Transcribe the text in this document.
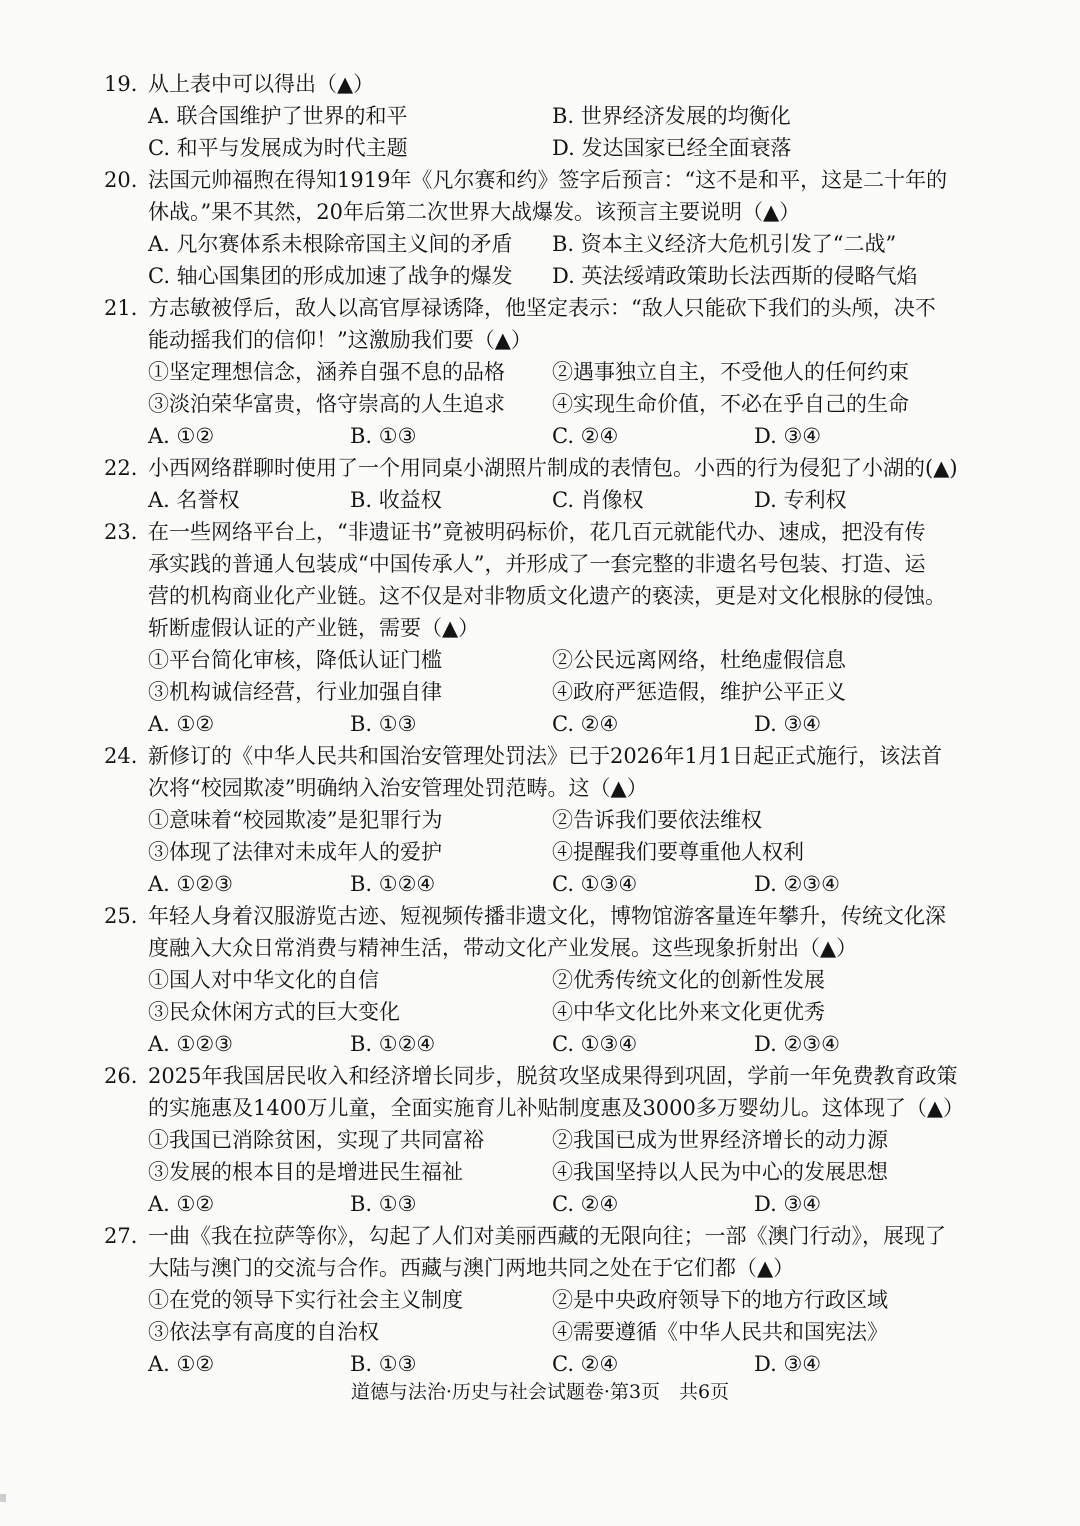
19. 从上表中可以得出（▲）
A. 联合国维护了世界的和平	B. 世界经济发展的均衡化
C. 和平与发展成为时代主题	D. 发达国家已经全面衰落
20. 法国元帅福煦在得知1919年《凡尔赛和约》签字后预言：“这不是和平，这是二十年的
休战。”果不其然，20年后第二次世界大战爆发。该预言主要说明（▲）
A. 凡尔赛体系未根除帝国主义间的矛盾	B. 资本主义经济大危机引发了“二战”
C. 轴心国集团的形成加速了战争的爆发	D. 英法绥靖政策助长法西斯的侵略气焰
21. 方志敏被俘后，敌人以高官厚禄诱降，他坚定表示：“敌人只能砍下我们的头颅，决不
能动摇我们的信仰！”这激励我们要（▲）
①坚定理想信念，涵养自强不息的品格	②遇事独立自主，不受他人的任何约束
③淡泊荣华富贵，恪守崇高的人生追求	④实现生命价值，不必在乎自己的生命
A. ①②	B. ①③	C. ②④	D. ③④
22. 小西网络群聊时使用了一个用同桌小湖照片制成的表情包。小西的行为侵犯了小湖的(▲)
A. 名誉权	B. 收益权	C. 肖像权	D. 专利权
23. 在一些网络平台上，“非遗证书”竟被明码标价，花几百元就能代办、速成，把没有传
承实践的普通人包装成“中国传承人”，并形成了一套完整的非遗名号包装、打造、运
营的机构商业化产业链。这不仅是对非物质文化遗产的亵渎，更是对文化根脉的侵蚀。
斩断虚假认证的产业链，需要（▲）
①平台简化审核，降低认证门槛	②公民远离网络，杜绝虚假信息
③机构诚信经营，行业加强自律	④政府严惩造假，维护公平正义
A. ①②	B. ①③	C. ②④	D. ③④
24. 新修订的《中华人民共和国治安管理处罚法》已于2026年1月1日起正式施行，该法首
次将“校园欺凌”明确纳入治安管理处罚范畴。这（▲）
①意味着“校园欺凌”是犯罪行为	②告诉我们要依法维权
③体现了法律对未成年人的爱护	④提醒我们要尊重他人权利
A. ①②③	B. ①②④	C. ①③④	D. ②③④
25. 年轻人身着汉服游览古迹、短视频传播非遗文化，博物馆游客量连年攀升，传统文化深
度融入大众日常消费与精神生活，带动文化产业发展。这些现象折射出（▲）
①国人对中华文化的自信	②优秀传统文化的创新性发展
③民众休闲方式的巨大变化	④中华文化比外来文化更优秀
A. ①②③	B. ①②④	C. ①③④	D. ②③④
26. 2025年我国居民收入和经济增长同步，脱贫攻坚成果得到巩固，学前一年免费教育政策
的实施惠及1400万儿童，全面实施育儿补贴制度惠及3000多万婴幼儿。这体现了（▲）
①我国已消除贫困，实现了共同富裕	②我国已成为世界经济增长的动力源
③发展的根本目的是增进民生福祉	④我国坚持以人民为中心的发展思想
A. ①②	B. ①③	C. ②④	D. ③④
27. 一曲《我在拉萨等你》，勾起了人们对美丽西藏的无限向往；一部《澳门行动》，展现了
大陆与澳门的交流与合作。西藏与澳门两地共同之处在于它们都（▲）
①在党的领导下实行社会主义制度	②是中央政府领导下的地方行政区域
③依法享有高度的自治权	④需要遵循《中华人民共和国宪法》
A. ①②	B. ①③	C. ②④	D. ③④
道德与法治·历史与社会试题卷·第3页　共6页
